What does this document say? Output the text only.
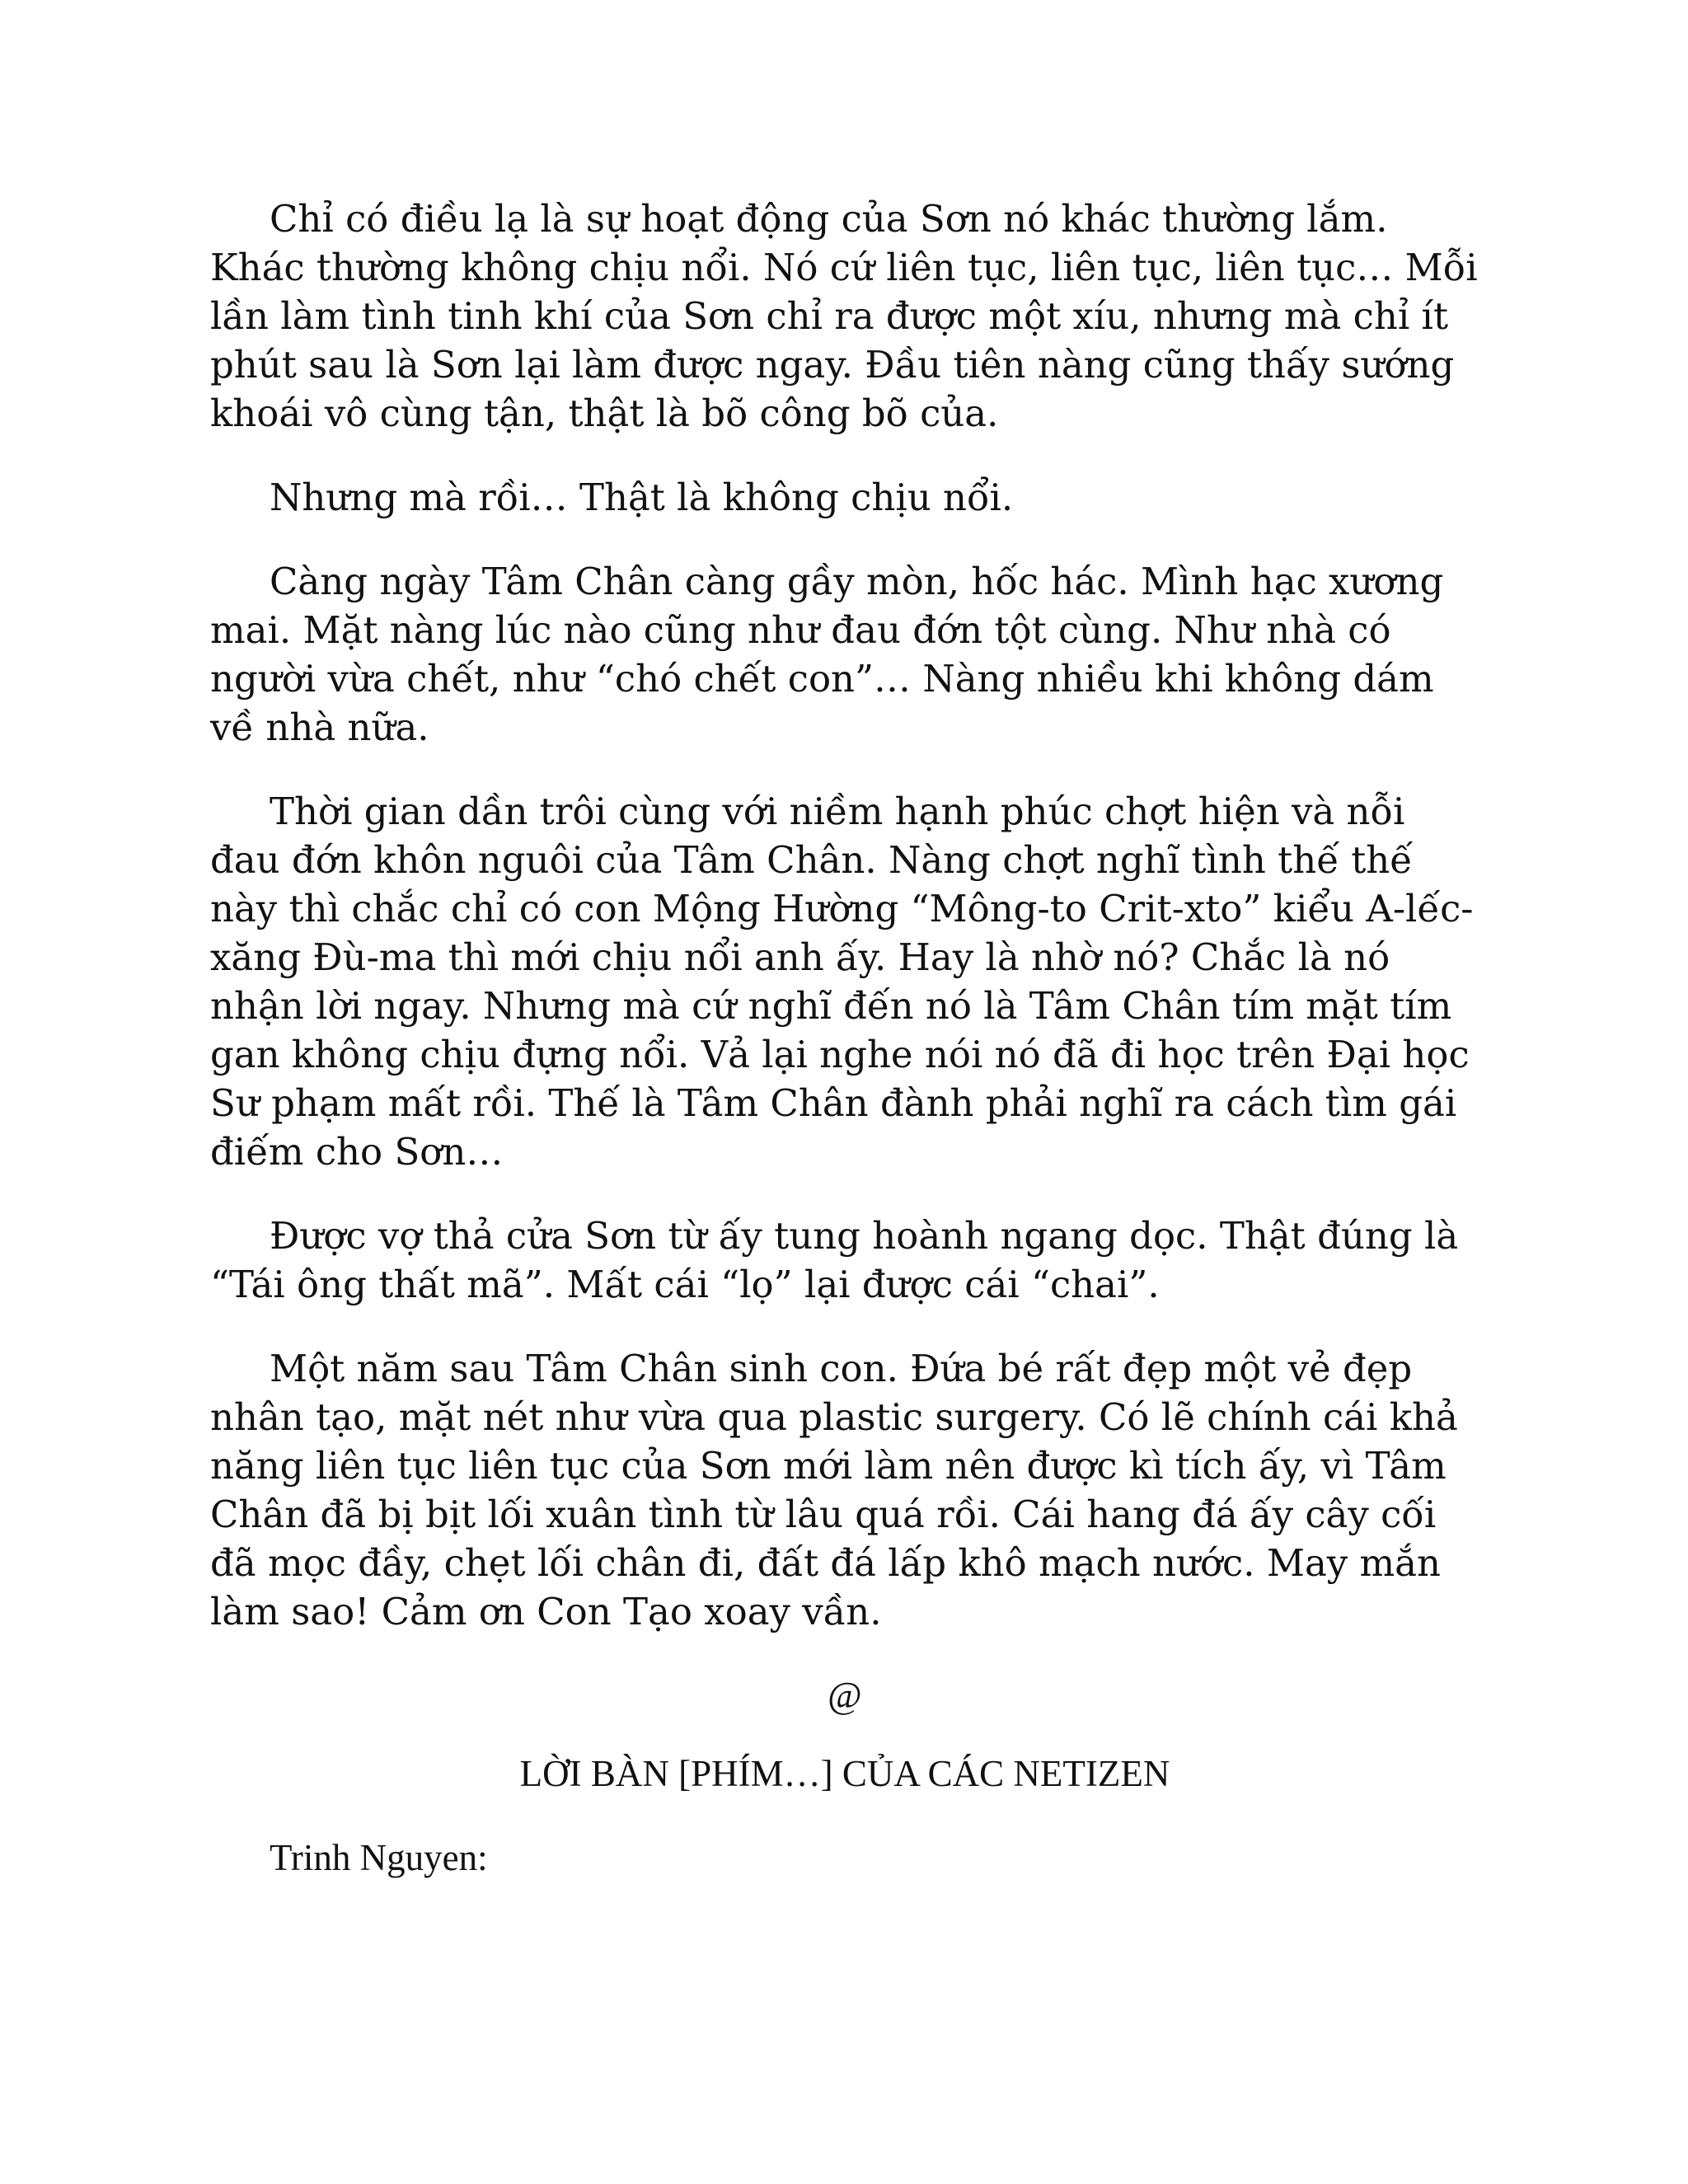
Chỉ có điều lạ là sự hoạt động của Sơn nó khác thường lắm. Khác thường không chịu nổi. Nó cứ liên tục, liên tục, liên tục… Mỗi lần làm tình tinh khí của Sơn chỉ ra được một xíu, nhưng mà chỉ ít phút sau là Sơn lại làm được ngay. Đầu tiên nàng cũng thấy sướng khoái vô cùng tận, thật là bõ công bõ của.

Nhưng mà rồi… Thật là không chịu nổi.

Càng ngày Tâm Chân càng gầy mòn, hốc hác. Mình hạc xương mai. Mặt nàng lúc nào cũng như đau đớn tột cùng. Như nhà có người vừa chết, như “chó chết con”… Nàng nhiều khi không dám về nhà nữa.

Thời gian dần trôi cùng với niềm hạnh phúc chợt hiện và nỗi đau đớn khôn nguôi của Tâm Chân. Nàng chợt nghĩ tình thế thế này thì chắc chỉ có con Mộng Hường “Mông-to Crit-xto” kiểu A-lếc-xăng Đù-ma thì mới chịu nổi anh ấy. Hay là nhờ nó? Chắc là nó nhận lời ngay. Nhưng mà cứ nghĩ đến nó là Tâm Chân tím mặt tím gan không chịu đựng nổi. Vả lại nghe nói nó đã đi học trên Đại học Sư phạm mất rồi. Thế là Tâm Chân đành phải nghĩ ra cách tìm gái điếm cho Sơn…

Được vợ thả cửa Sơn từ ấy tung hoành ngang dọc. Thật đúng là “Tái ông thất mã”. Mất cái “lọ” lại được cái “chai”.

Một năm sau Tâm Chân sinh con. Đứa bé rất đẹp một vẻ đẹp nhân tạo, mặt nét như vừa qua plastic surgery. Có lẽ chính cái khả năng liên tục liên tục của Sơn mới làm nên được kì tích ấy, vì Tâm Chân đã bị bịt lối xuân tình từ lâu quá rồi. Cái hang đá ấy cây cối đã mọc đầy, chẹt lối chân đi, đất đá lấp khô mạch nước. May mắn làm sao! Cảm ơn Con Tạo xoay vần.

@

LỜI BÀN [PHÍM…] CỦA CÁC NETIZEN

Trinh Nguyen:
